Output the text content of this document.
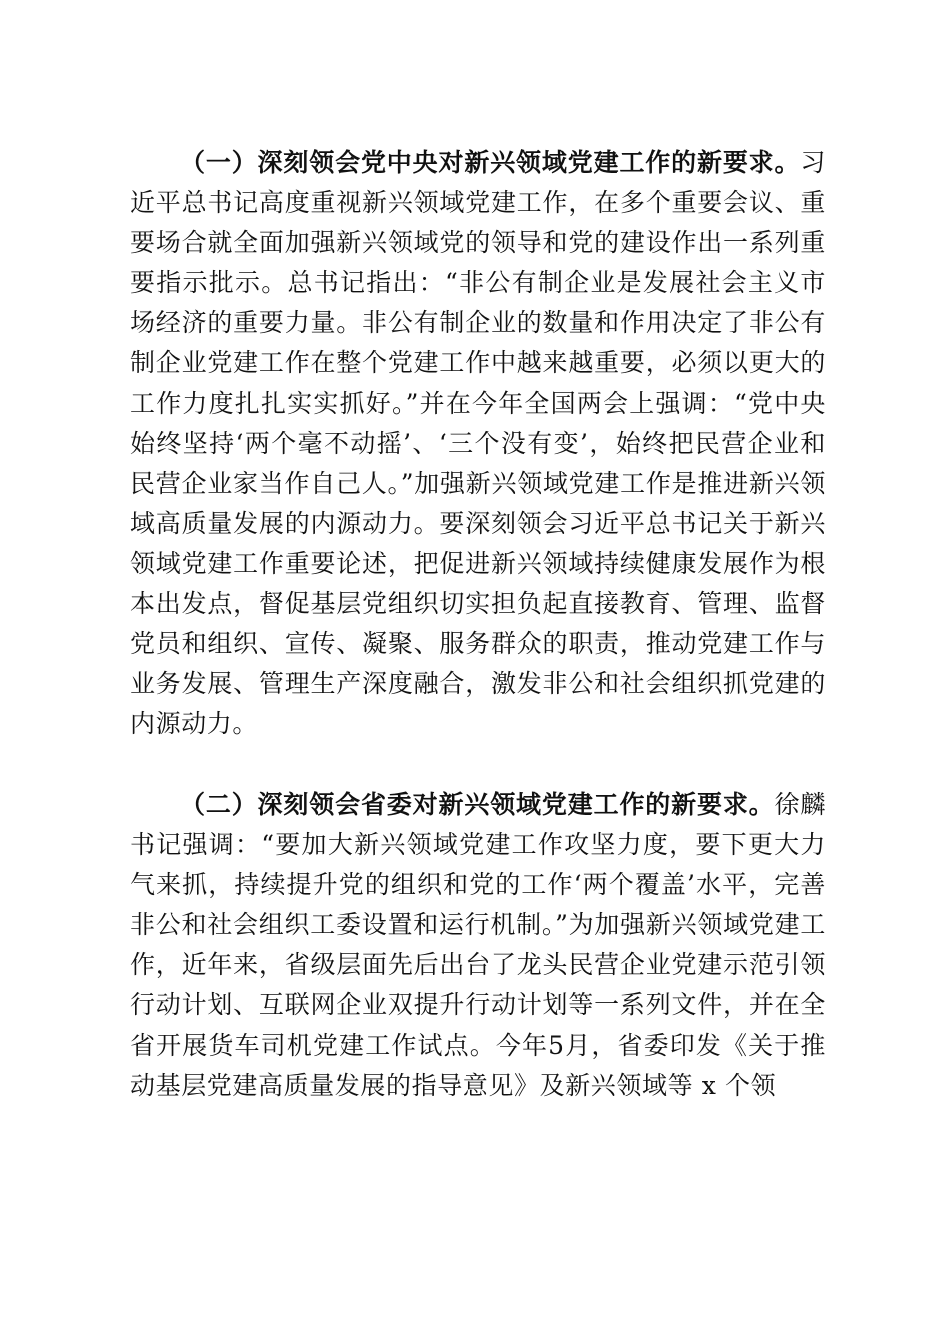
（一）深刻领会党中央对新兴领域党建工作的新要求。习近平总书记高度重视新兴领域党建工作，在多个重要会议、重要场合就全面加强新兴领域党的领导和党的建设作出一系列重要指示批示。总书记指出：“非公有制企业是发展社会主义市场经济的重要力量。非公有制企业的数量和作用决定了非公有制企业党建工作在整个党建工作中越来越重要，必须以更大的工作力度扎扎实实抓好。”并在今年全国两会上强调：“党中央始终坚持‘两个毫不动摇’、‘三个没有变’，始终把民营企业和民营企业家当作自己人。”加强新兴领域党建工作是推进新兴领域高质量发展的内源动力。要深刻领会习近平总书记关于新兴领域党建工作重要论述，把促进新兴领域持续健康发展作为根本出发点，督促基层党组织切实担负起直接教育、管理、监督党员和组织、宣传、凝聚、服务群众的职责，推动党建工作与业务发展、管理生产深度融合，激发非公和社会组织抓党建的内源动力。

（二）深刻领会省委对新兴领域党建工作的新要求。徐麟书记强调：“要加大新兴领域党建工作攻坚力度，要下更大力气来抓，持续提升党的组织和党的工作‘两个覆盖’水平，完善非公和社会组织工委设置和运行机制。”为加强新兴领域党建工作，近年来，省级层面先后出台了龙头民营企业党建示范引领行动计划、互联网企业双提升行动计划等一系列文件，并在全省开展货车司机党建工作试点。今年5月，省委印发《关于推动基层党建高质量发展的指导意见》及新兴领域等 x 个领
